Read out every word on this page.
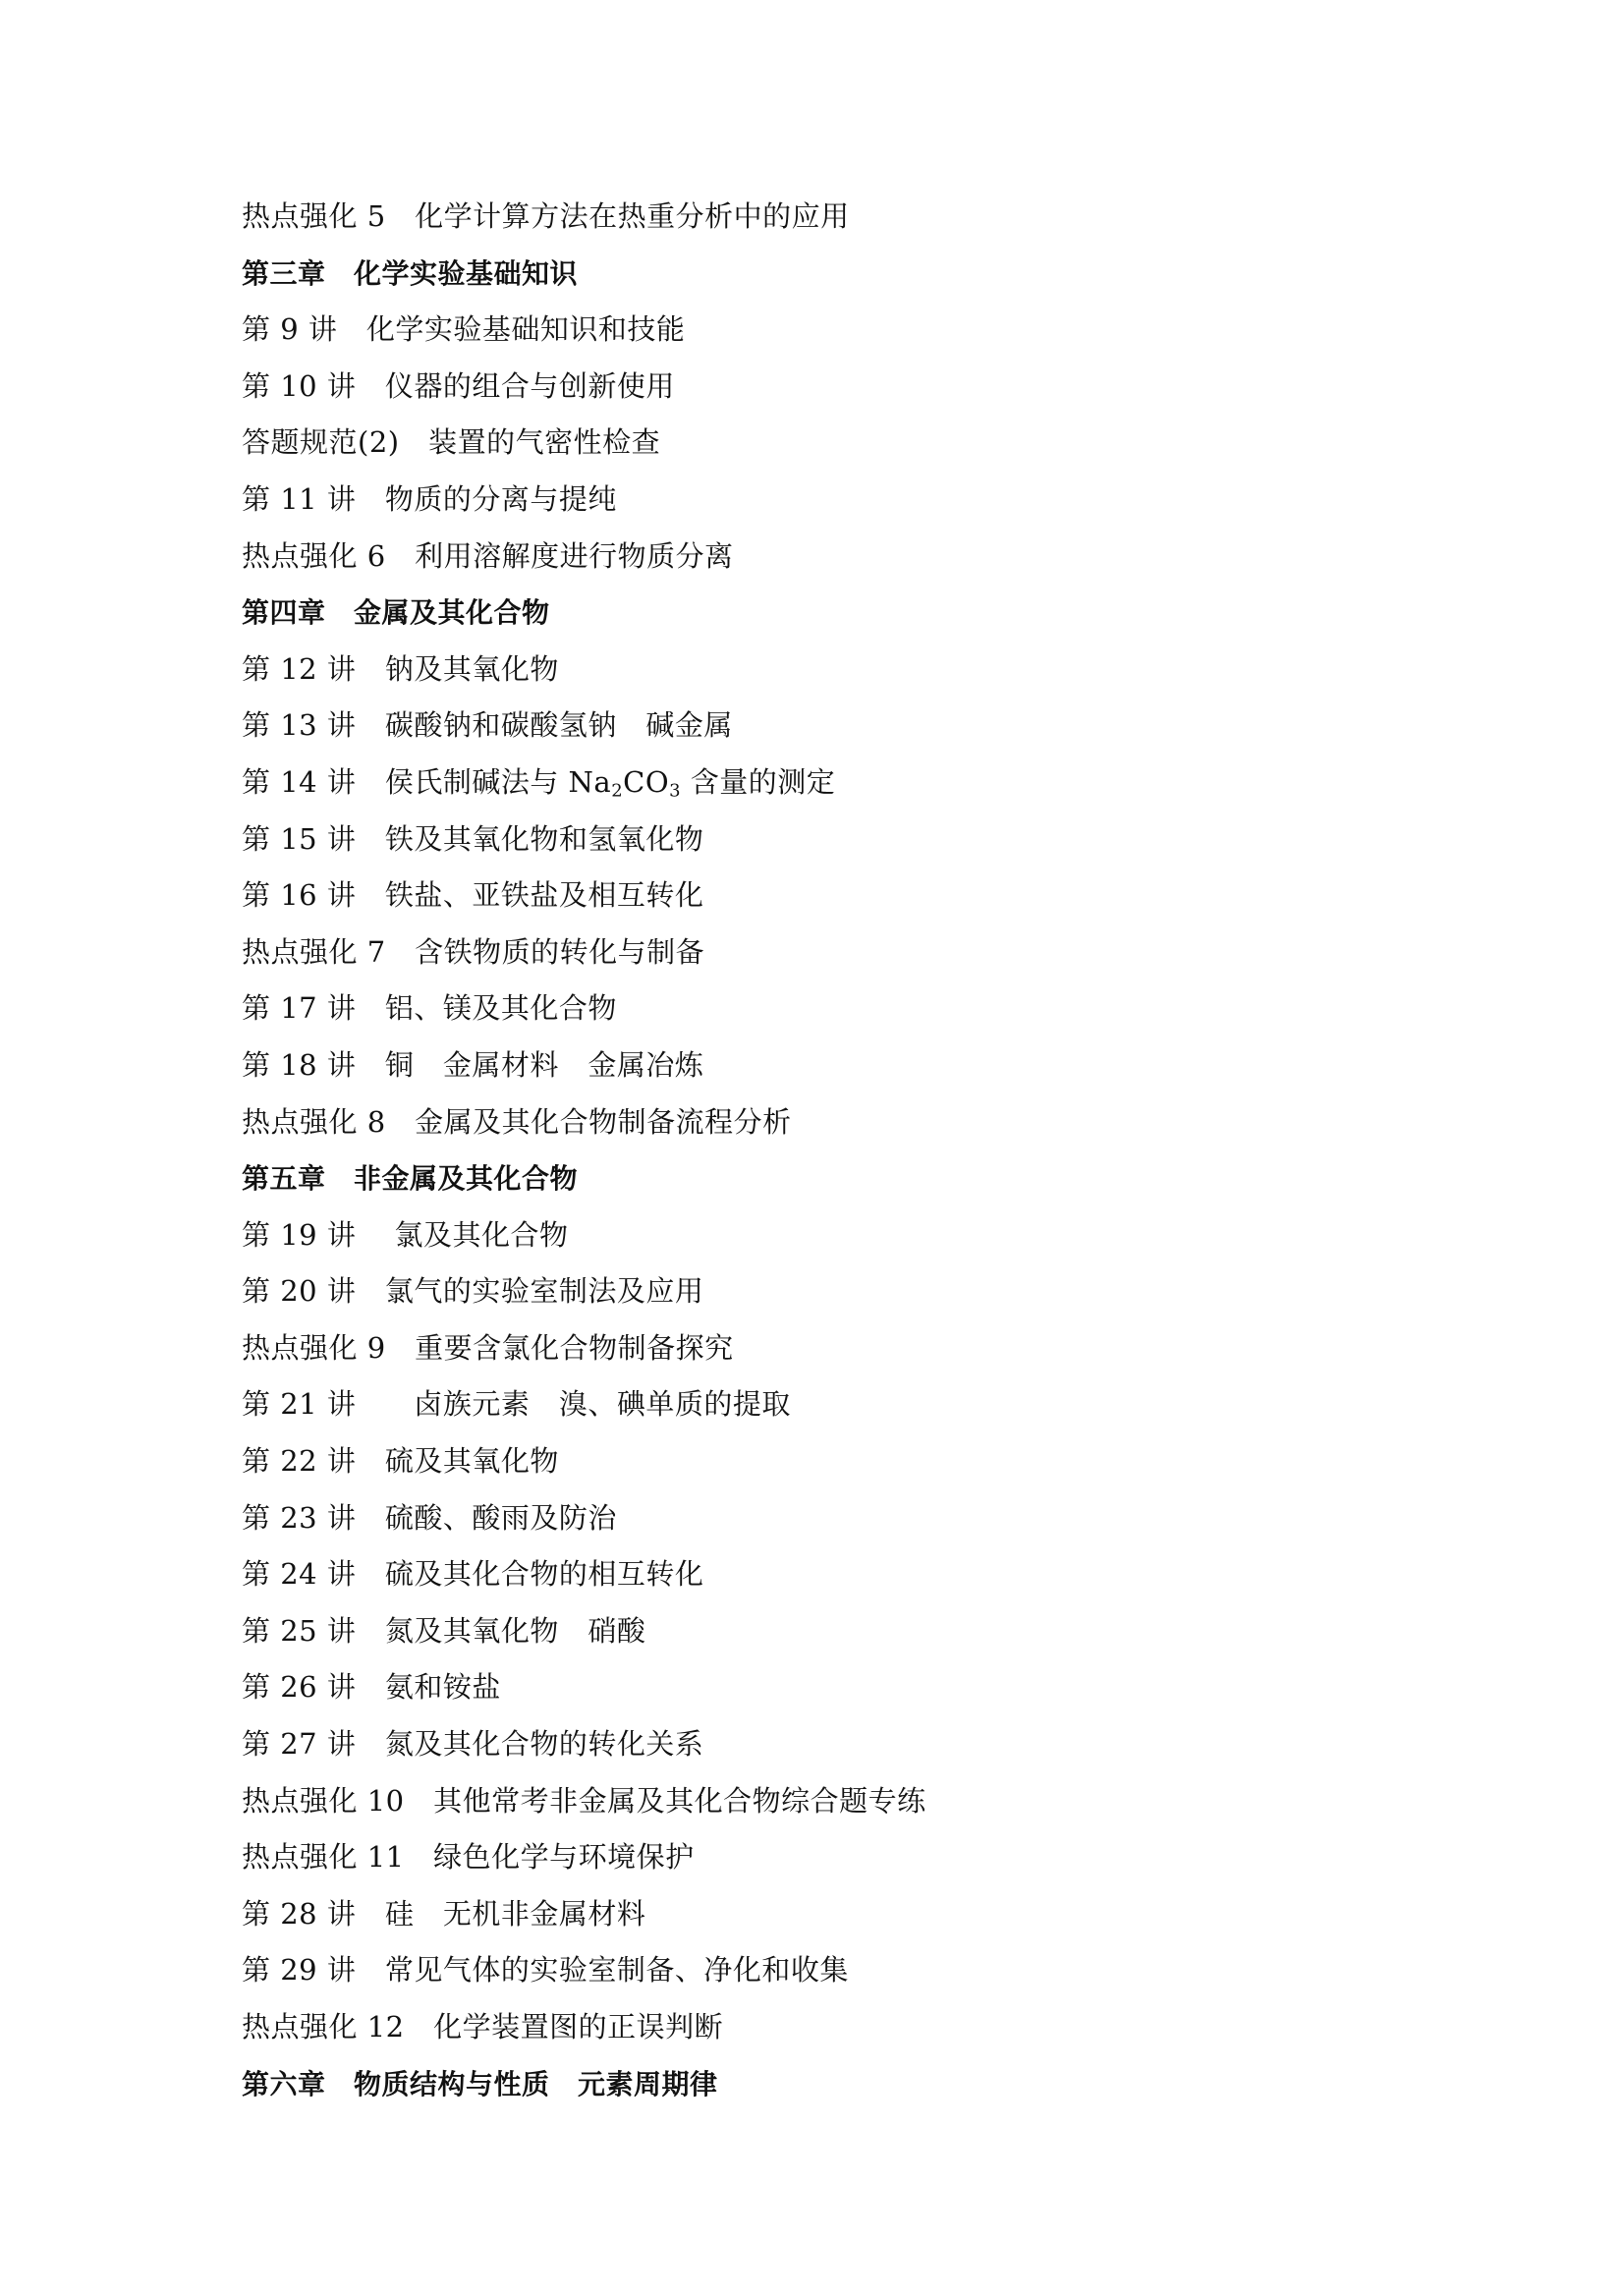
热点强化 5　化学计算方法在热重分析中的应用
第三章　化学实验基础知识
第 9 讲　化学实验基础知识和技能
第 10 讲　仪器的组合与创新使用
答题规范(2)　装置的气密性检查
第 11 讲　物质的分离与提纯
热点强化 6　利用溶解度进行物质分离
第四章　金属及其化合物
第 12 讲　钠及其氧化物
第 13 讲　碳酸钠和碳酸氢钠　碱金属
第 14 讲　侯氏制碱法与 $Na_2CO_3$ 含量的测定
第 15 讲　铁及其氧化物和氢氧化物
第 16 讲　铁盐、亚铁盐及相互转化
热点强化 7　含铁物质的转化与制备
第 17 讲　铝、镁及其化合物
第 18 讲　铜　金属材料　金属冶炼
热点强化 8　金属及其化合物制备流程分析
第五章　非金属及其化合物
第 19 讲　 氯及其化合物
第 20 讲　氯气的实验室制法及应用
热点强化 9　重要含氯化合物制备探究
第 21 讲　　卤族元素　溴、碘单质的提取
第 22 讲　硫及其氧化物
第 23 讲　硫酸、酸雨及防治
第 24 讲　硫及其化合物的相互转化
第 25 讲　氮及其氧化物　硝酸
第 26 讲　氨和铵盐
第 27 讲　氮及其化合物的转化关系
热点强化 10　其他常考非金属及其化合物综合题专练
热点强化 11　绿色化学与环境保护
第 28 讲　硅　无机非金属材料
第 29 讲　常见气体的实验室制备、净化和收集
热点强化 12　化学装置图的正误判断
第六章　物质结构与性质　元素周期律
